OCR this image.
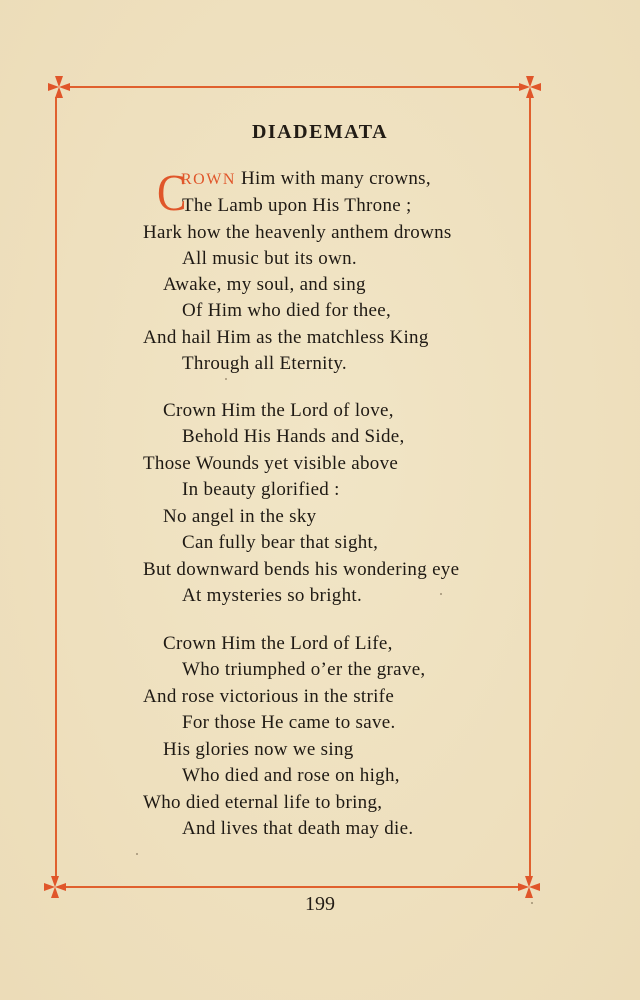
DIADEMATA
C
ROWN Him with many crowns,
The Lamb upon His Throne ;
Hark how the heavenly anthem drowns
All music but its own.
Awake, my soul, and sing
Of Him who died for thee,
And hail Him as the matchless King
Through all Eternity.
Crown Him the Lord of love,
Behold His Hands and Side,
Those Wounds yet visible above
In beauty glorified :
No angel in the sky
Can fully bear that sight,
But downward bends his wondering eye
At mysteries so bright.
Crown Him the Lord of Life,
Who triumphed o’er the grave,
And rose victorious in the strife
For those He came to save.
His glories now we sing
Who died and rose on high,
Who died eternal life to bring,
And lives that death may die.
199
